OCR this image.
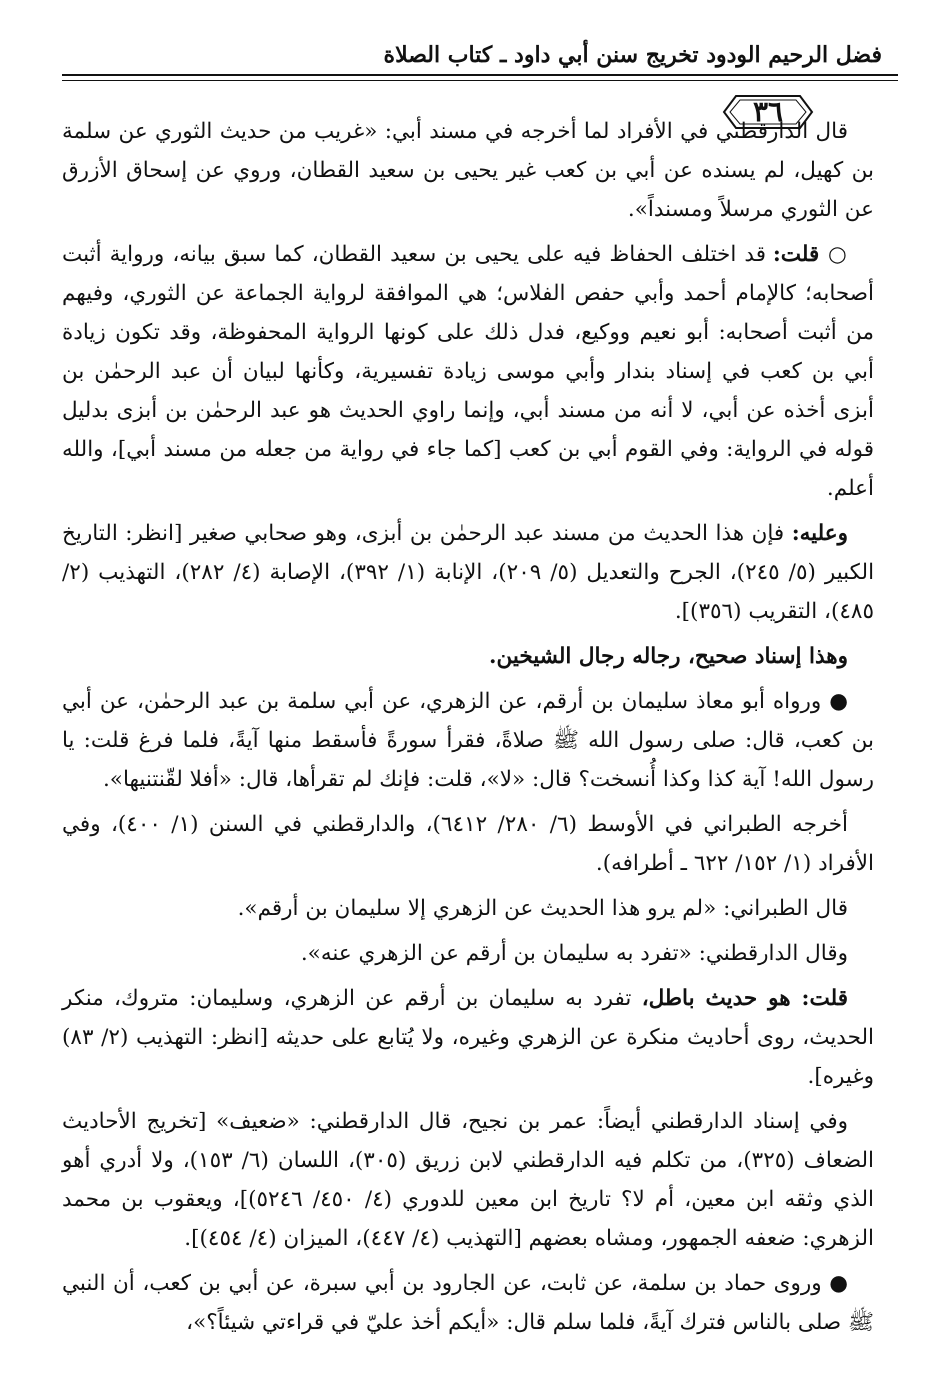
فضل الرحيم الودود تخريج سنن أبي داود ـ كتاب الصلاة
٣٦

قال الدارقطني في الأفراد لما أخرجه في مسند أبي: «غريب من حديث الثوري عن سلمة بن كهيل، لم يسنده عن أبي بن كعب غير يحيى بن سعيد القطان، وروي عن إسحاق الأزرق عن الثوري مرسلاً ومسنداً».

○ قلت: قد اختلف الحفاظ فيه على يحيى بن سعيد القطان، كما سبق بيانه، ورواية أثبت أصحابه؛ كالإمام أحمد وأبي حفص الفلاس؛ هي الموافقة لرواية الجماعة عن الثوري، وفيهم من أثبت أصحابه: أبو نعيم ووكيع، فدل ذلك على كونها الرواية المحفوظة، وقد تكون زيادة أبي بن كعب في إسناد بندار وأبي موسى زيادة تفسيرية، وكأنها لبيان أن عبد الرحمٰن بن أبزى أخذه عن أبي، لا أنه من مسند أبي، وإنما راوي الحديث هو عبد الرحمٰن بن أبزى بدليل قوله في الرواية: وفي القوم أبي بن كعب [كما جاء في رواية من جعله من مسند أبي]، والله أعلم.

وعليه: فإن هذا الحديث من مسند عبد الرحمٰن بن أبزى، وهو صحابي صغير [انظر: التاريخ الكبير (٥/ ٢٤٥)، الجرح والتعديل (٥/ ٢٠٩)، الإنابة (١/ ٣٩٢)، الإصابة (٤/ ٢٨٢)، التهذيب (٢/ ٤٨٥)، التقريب (٣٥٦)].

وهذا إسناد صحيح، رجاله رجال الشيخين.

● ورواه أبو معاذ سليمان بن أرقم، عن الزهري، عن أبي سلمة بن عبد الرحمٰن، عن أبي بن كعب، قال: صلى رسول الله ﷺ صلاةً، فقرأ سورةً فأسقط منها آيةً، فلما فرغ قلت: يا رسول الله! آية كذا وكذا أُنسخت؟ قال: «لا»، قلت: فإنك لم تقرأها، قال: «أفلا لقّنتنيها».

أخرجه الطبراني في الأوسط (٦/ ٢٨٠/ ٦٤١٢)، والدارقطني في السنن (١/ ٤٠٠)، وفي الأفراد (١/ ١٥٢/ ٦٢٢ ـ أطرافه).

قال الطبراني: «لم يرو هذا الحديث عن الزهري إلا سليمان بن أرقم».

وقال الدارقطني: «تفرد به سليمان بن أرقم عن الزهري عنه».

قلت: هو حديث باطل، تفرد به سليمان بن أرقم عن الزهري، وسليمان: متروك، منكر الحديث، روى أحاديث منكرة عن الزهري وغيره، ولا يُتابع على حديثه [انظر: التهذيب (٢/ ٨٣) وغيره].

وفي إسناد الدارقطني أيضاً: عمر بن نجيح، قال الدارقطني: «ضعيف» [تخريج الأحاديث الضعاف (٣٢٥)، من تكلم فيه الدارقطني لابن زريق (٣٠٥)، اللسان (٦/ ١٥٣)، ولا أدري أهو الذي وثقه ابن معين، أم لا؟ تاريخ ابن معين للدوري (٤/ ٤٥٠/ ٥٢٤٦)]، ويعقوب بن محمد الزهري: ضعفه الجمهور، ومشاه بعضهم [التهذيب (٤/ ٤٤٧)، الميزان (٤/ ٤٥٤)].

● وروى حماد بن سلمة، عن ثابت، عن الجارود بن أبي سبرة، عن أبي بن كعب، أن النبي ﷺ صلى بالناس فترك آيةً، فلما سلم قال: «أيكم أخذ عليّ في قراءتي شيئاً؟»،
